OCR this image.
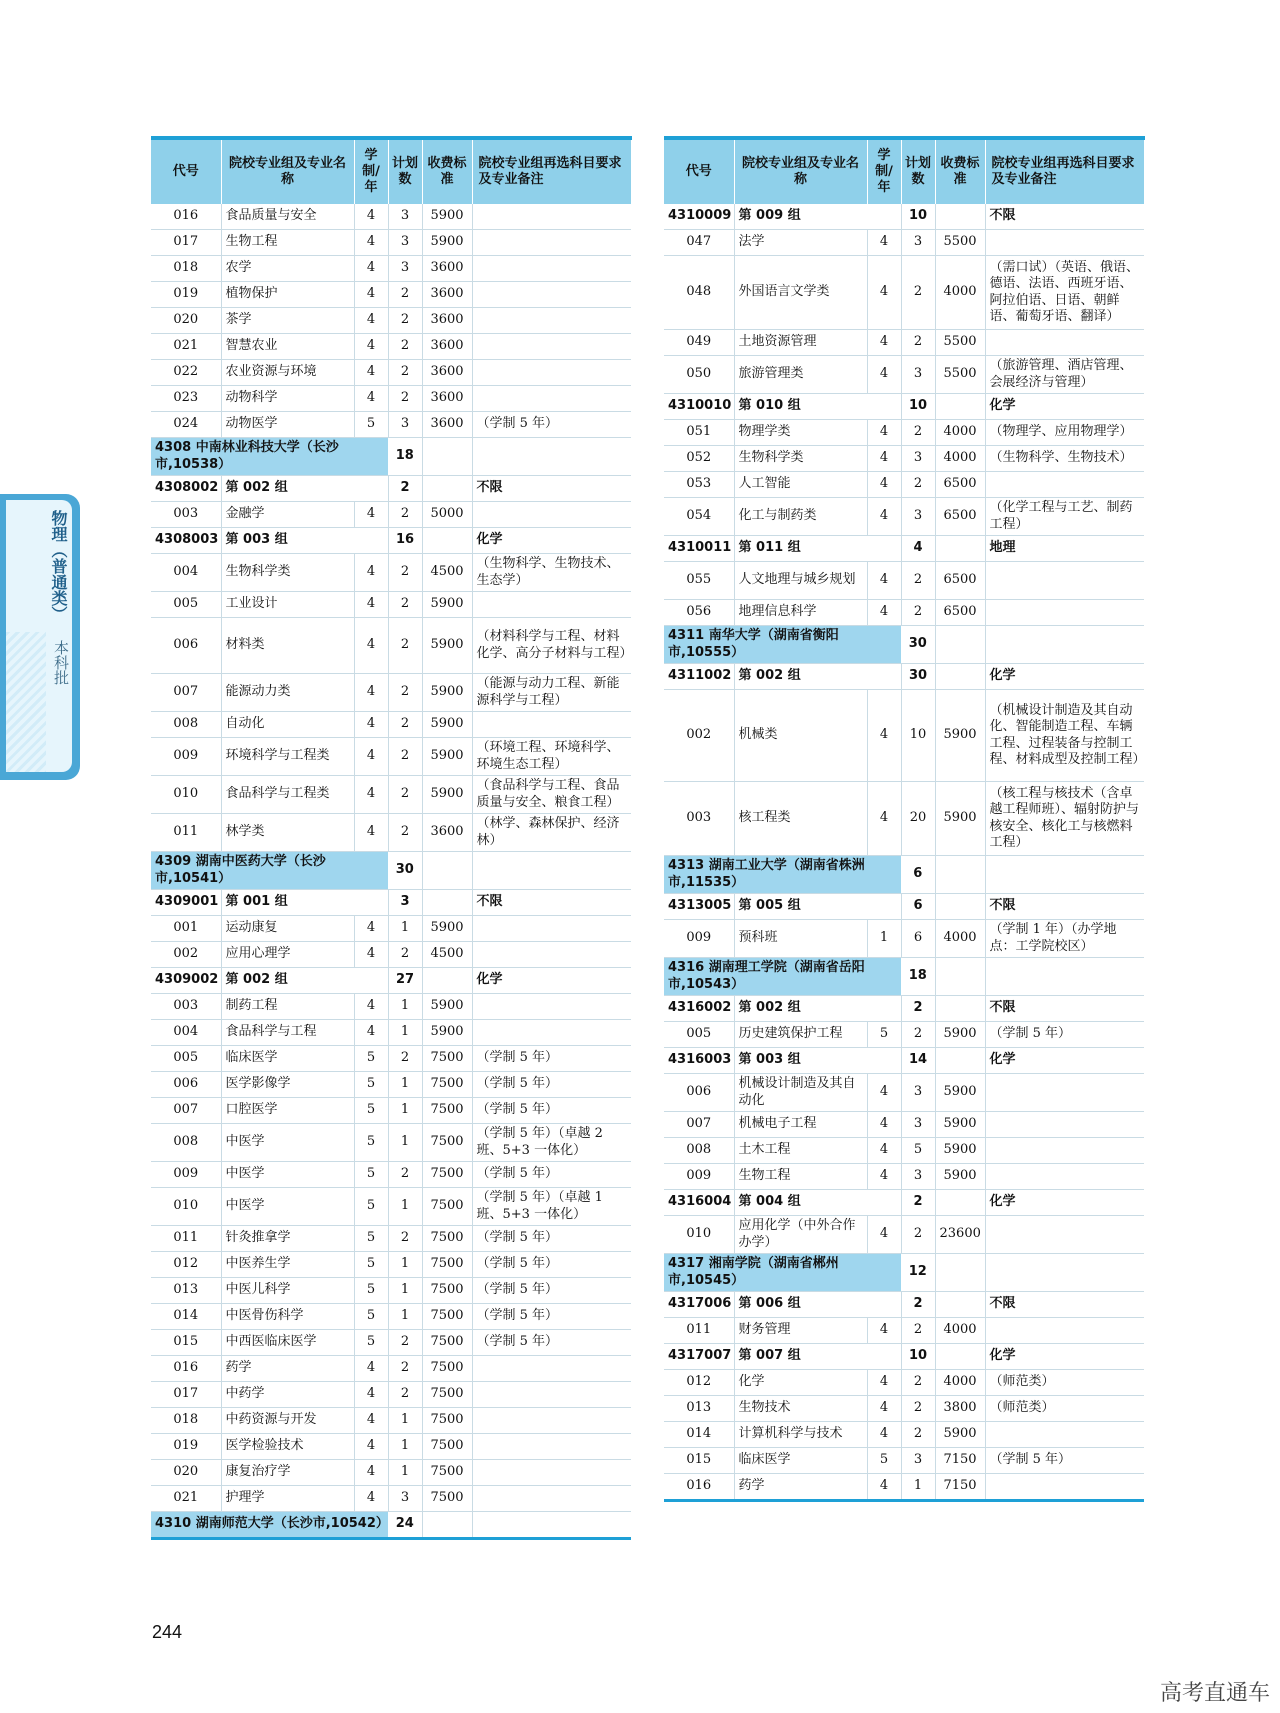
物理（普通类）
本科批
代号	院校专业组及专业名称	学制/年	计划数	收费标准	院校专业组再选科目要求及专业备注
016	食品质量与安全	4	3	5900	
017	生物工程	4	3	5900	
018	农学	4	3	3600	
019	植物保护	4	2	3600	
020	茶学	4	2	3600	
021	智慧农业	4	2	3600	
022	农业资源与环境	4	2	3600	
023	动物科学	4	2	3600	
024	动物医学	5	3	3600	（学制 5 年）
4308 中南林业科技大学（长沙市,10538）			18		
4308002	第 002 组		2		不限
003	金融学	4	2	5000	
4308003	第 003 组		16		化学
004	生物科学类	4	2	4500	（生物科学、生物技术、生态学）
005	工业设计	4	2	5900	
006	材料类	4	2	5900	（材料科学与工程、材料化学、高分子材料与工程）
007	能源动力类	4	2	5900	（能源与动力工程、新能源科学与工程）
008	自动化	4	2	5900	
009	环境科学与工程类	4	2	5900	（环境工程、环境科学、环境生态工程）
010	食品科学与工程类	4	2	5900	（食品科学与工程、食品质量与安全、粮食工程）
011	林学类	4	2	3600	（林学、森林保护、经济林）
4309 湖南中医药大学（长沙市,10541）			30		
4309001	第 001 组		3		不限
001	运动康复	4	1	5900	
002	应用心理学	4	2	4500	
4309002	第 002 组		27		化学
003	制药工程	4	1	5900	
004	食品科学与工程	4	1	5900	
005	临床医学	5	2	7500	（学制 5 年）
006	医学影像学	5	1	7500	（学制 5 年）
007	口腔医学	5	1	7500	（学制 5 年）
008	中医学	5	1	7500	（学制 5 年）（卓越 2 班、5+3 一体化）
009	中医学	5	2	7500	（学制 5 年）
010	中医学	5	1	7500	（学制 5 年）（卓越 1 班、5+3 一体化）
011	针灸推拿学	5	2	7500	（学制 5 年）
012	中医养生学	5	1	7500	（学制 5 年）
013	中医儿科学	5	1	7500	（学制 5 年）
014	中医骨伤科学	5	1	7500	（学制 5 年）
015	中西医临床医学	5	2	7500	（学制 5 年）
016	药学	4	2	7500	
017	中药学	4	2	7500	
018	中药资源与开发	4	1	7500	
019	医学检验技术	4	1	7500	
020	康复治疗学	4	1	7500	
021	护理学	4	3	7500	
4310 湖南师范大学（长沙市,10542）			24		
代号	院校专业组及专业名称	学制/年	计划数	收费标准	院校专业组再选科目要求及专业备注
4310009	第 009 组		10		不限
047	法学	4	3	5500	
048	外国语言文学类	4	2	4000	（需口试）（英语、俄语、德语、法语、西班牙语、阿拉伯语、日语、朝鲜语、葡萄牙语、翻译）
049	土地资源管理	4	2	5500	
050	旅游管理类	4	3	5500	（旅游管理、酒店管理、会展经济与管理）
4310010	第 010 组		10		化学
051	物理学类	4	2	4000	（物理学、应用物理学）
052	生物科学类	4	3	4000	（生物科学、生物技术）
053	人工智能	4	2	6500	
054	化工与制药类	4	3	6500	（化学工程与工艺、制药工程）
4310011	第 011 组		4		地理
055	人文地理与城乡规划	4	2	6500	
056	地理信息科学	4	2	6500	
4311 南华大学（湖南省衡阳市,10555）			30		
4311002	第 002 组		30		化学
002	机械类	4	10	5900	（机械设计制造及其自动化、智能制造工程、车辆工程、过程装备与控制工程、材料成型及控制工程）
003	核工程类	4	20	5900	（核工程与核技术（含卓越工程师班）、辐射防护与核安全、核化工与核燃料工程）
4313 湖南工业大学（湖南省株洲市,11535）			6		
4313005	第 005 组		6		不限
009	预科班	1	6	4000	（学制 1 年）（办学地点：工学院校区）
4316 湖南理工学院（湖南省岳阳市,10543）			18		
4316002	第 002 组		2		不限
005	历史建筑保护工程	5	2	5900	（学制 5 年）
4316003	第 003 组		14		化学
006	机械设计制造及其自动化	4	3	5900	
007	机械电子工程	4	3	5900	
008	土木工程	4	5	5900	
009	生物工程	4	3	5900	
4316004	第 004 组		2		化学
010	应用化学（中外合作办学）	4	2	23600	
4317 湘南学院（湖南省郴州市,10545）			12		
4317006	第 006 组		2		不限
011	财务管理	4	2	4000	
4317007	第 007 组		10		化学
012	化学	4	2	4000	（师范类）
013	生物技术	4	2	3800	（师范类）
014	计算机科学与技术	4	2	5900	
015	临床医学	5	3	7150	（学制 5 年）
016	药学	4	1	7150	
244
高考直通车
